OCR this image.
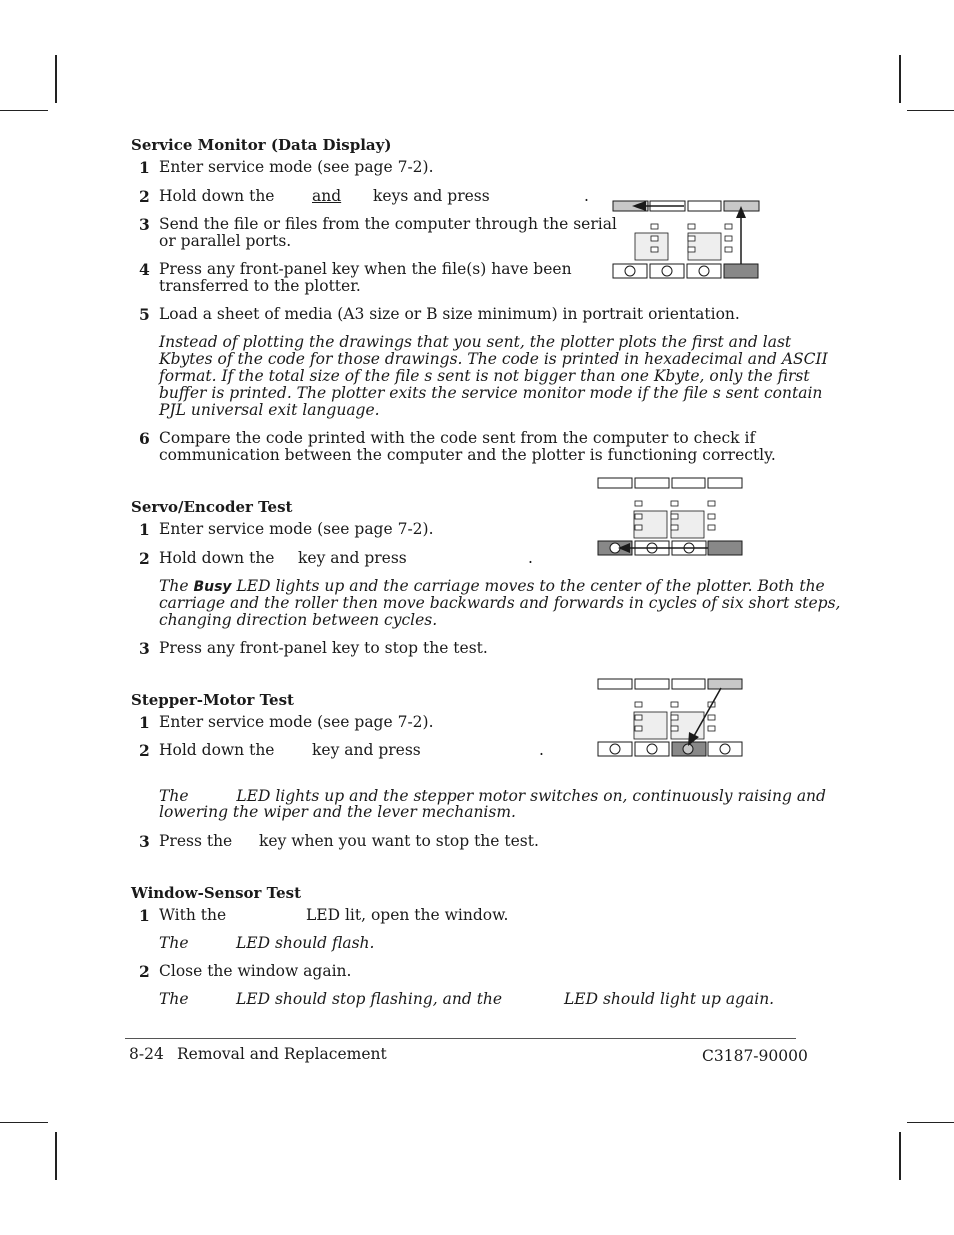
Service Monitor (Data Display)
1 Enter service mode (see page 7-2).
2 Hold down the and keys and press	.
3 Send the file or files from the computer through the serial
or parallel ports.
4 Press any front-panel key when the file(s) have been
transferred to the plotter.
5 Load a sheet of media (A3 size or B size minimum) in portrait orientation.
Instead of plotting the drawings that you sent, the plotter plots the first and last
Kbytes of the code for those drawings. The code is printed in hexadecimal and ASCII
format. If the total size of the file s sent is not bigger than one Kbyte, only the first
buffer is printed. The plotter exits the service monitor mode if the file s sent contain
PJL universal exit language.
6 Compare the code printed with the code sent from the computer to check if
communication between the computer and the plotter is functioning correctly.
Servo/Encoder Test
1 Enter service mode (see page 7-2).
2 Hold down the key and press	.
The Busy LED lights up and the carriage moves to the center of the plotter. Both the
carriage and the roller then move backwards and forwards in cycles of six short steps,
changing direction between cycles.
3 Press any front-panel key to stop the test.
Stepper-Motor Test
1 Enter service mode (see page 7-2).
2 Hold down the key and press	.
The	LED lights up and the stepper motor switches on, continuously raising and
lowering the wiper and the lever mechanism.
3 Press the key when you want to stop the test.
Window-Sensor Test
1 With the	LED lit, open the window.
The	LED should flash.
2 Close the window again.
The	LED should stop flashing, and the	LED should light up again.
8-24 Removal and Replacement	C3187-90000
